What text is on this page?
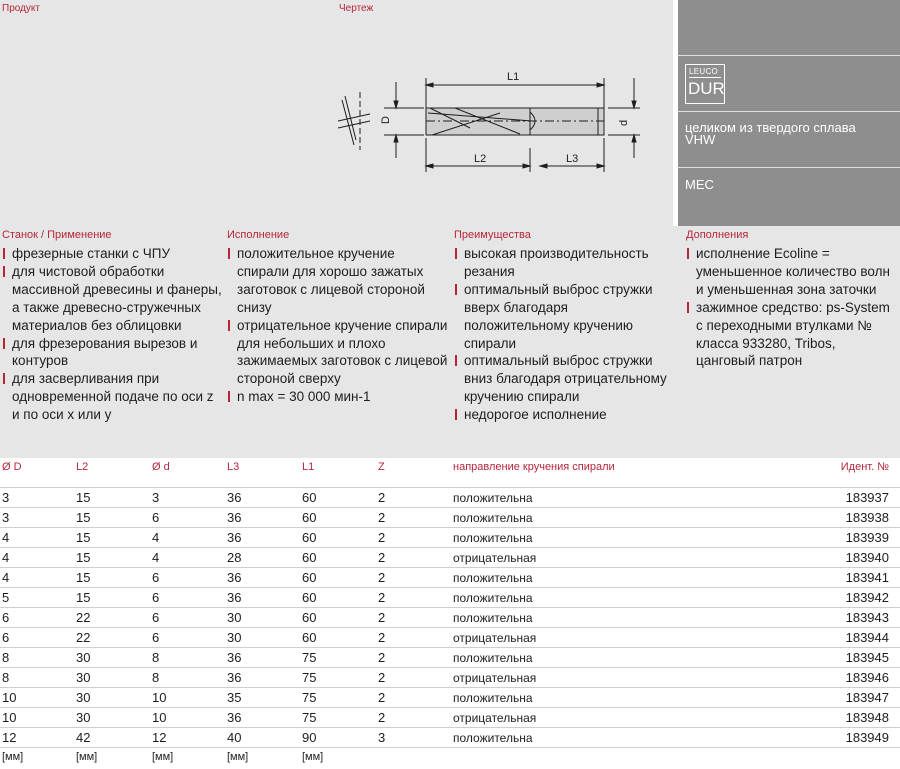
Продукт	Чертеж
L1
L2	L3
D	d
LEUCO
DUR
целиком из твердого сплава
VHW
MEC
Станок / Применение
фрезерные станки с ЧПУ
для чистовой обработки массивной древесины и фанеры, а также древесно-стружечных материалов без облицовки
для фрезерования вырезов и контуров
для засверливания при одновременной подаче по оси z и по оси x или y
Исполнение
положительное кручение спирали для хорошо зажатых заготовок с лицевой стороной снизу
отрицательное кручение спирали для небольших и плохо зажимаемых заготовок с лицевой стороной сверху
n max = 30 000 мин-1
Преимущества
высокая производительность резания
оптимальный выброс стружки вверх благодаря положительному кручению спирали
оптимальный выброс стружки вниз благодаря отрицательному кручению спирали
недорогое исполнение
Дополнения
исполнение Ecoline = уменьшенное количество волн и уменьшенная зона заточки
зажимное средство: ps-System с переходными втулками № класса 933280, Tribos, цанговый патрон
Ø D	L2	Ø d	L3	L1	Z	направление кручения спирали	Идент. №
3	15	3	36	60	2	положительна	183937
3	15	6	36	60	2	положительна	183938
4	15	4	36	60	2	положительна	183939
4	15	4	28	60	2	отрицательная	183940
4	15	6	36	60	2	положительна	183941
5	15	6	36	60	2	положительна	183942
6	22	6	30	60	2	положительна	183943
6	22	6	30	60	2	отрицательная	183944
8	30	8	36	75	2	положительна	183945
8	30	8	36	75	2	отрицательная	183946
10	30	10	35	75	2	положительна	183947
10	30	10	36	75	2	отрицательная	183948
12	42	12	40	90	3	положительна	183949
[мм]	[мм]	[мм]	[мм]	[мм]
